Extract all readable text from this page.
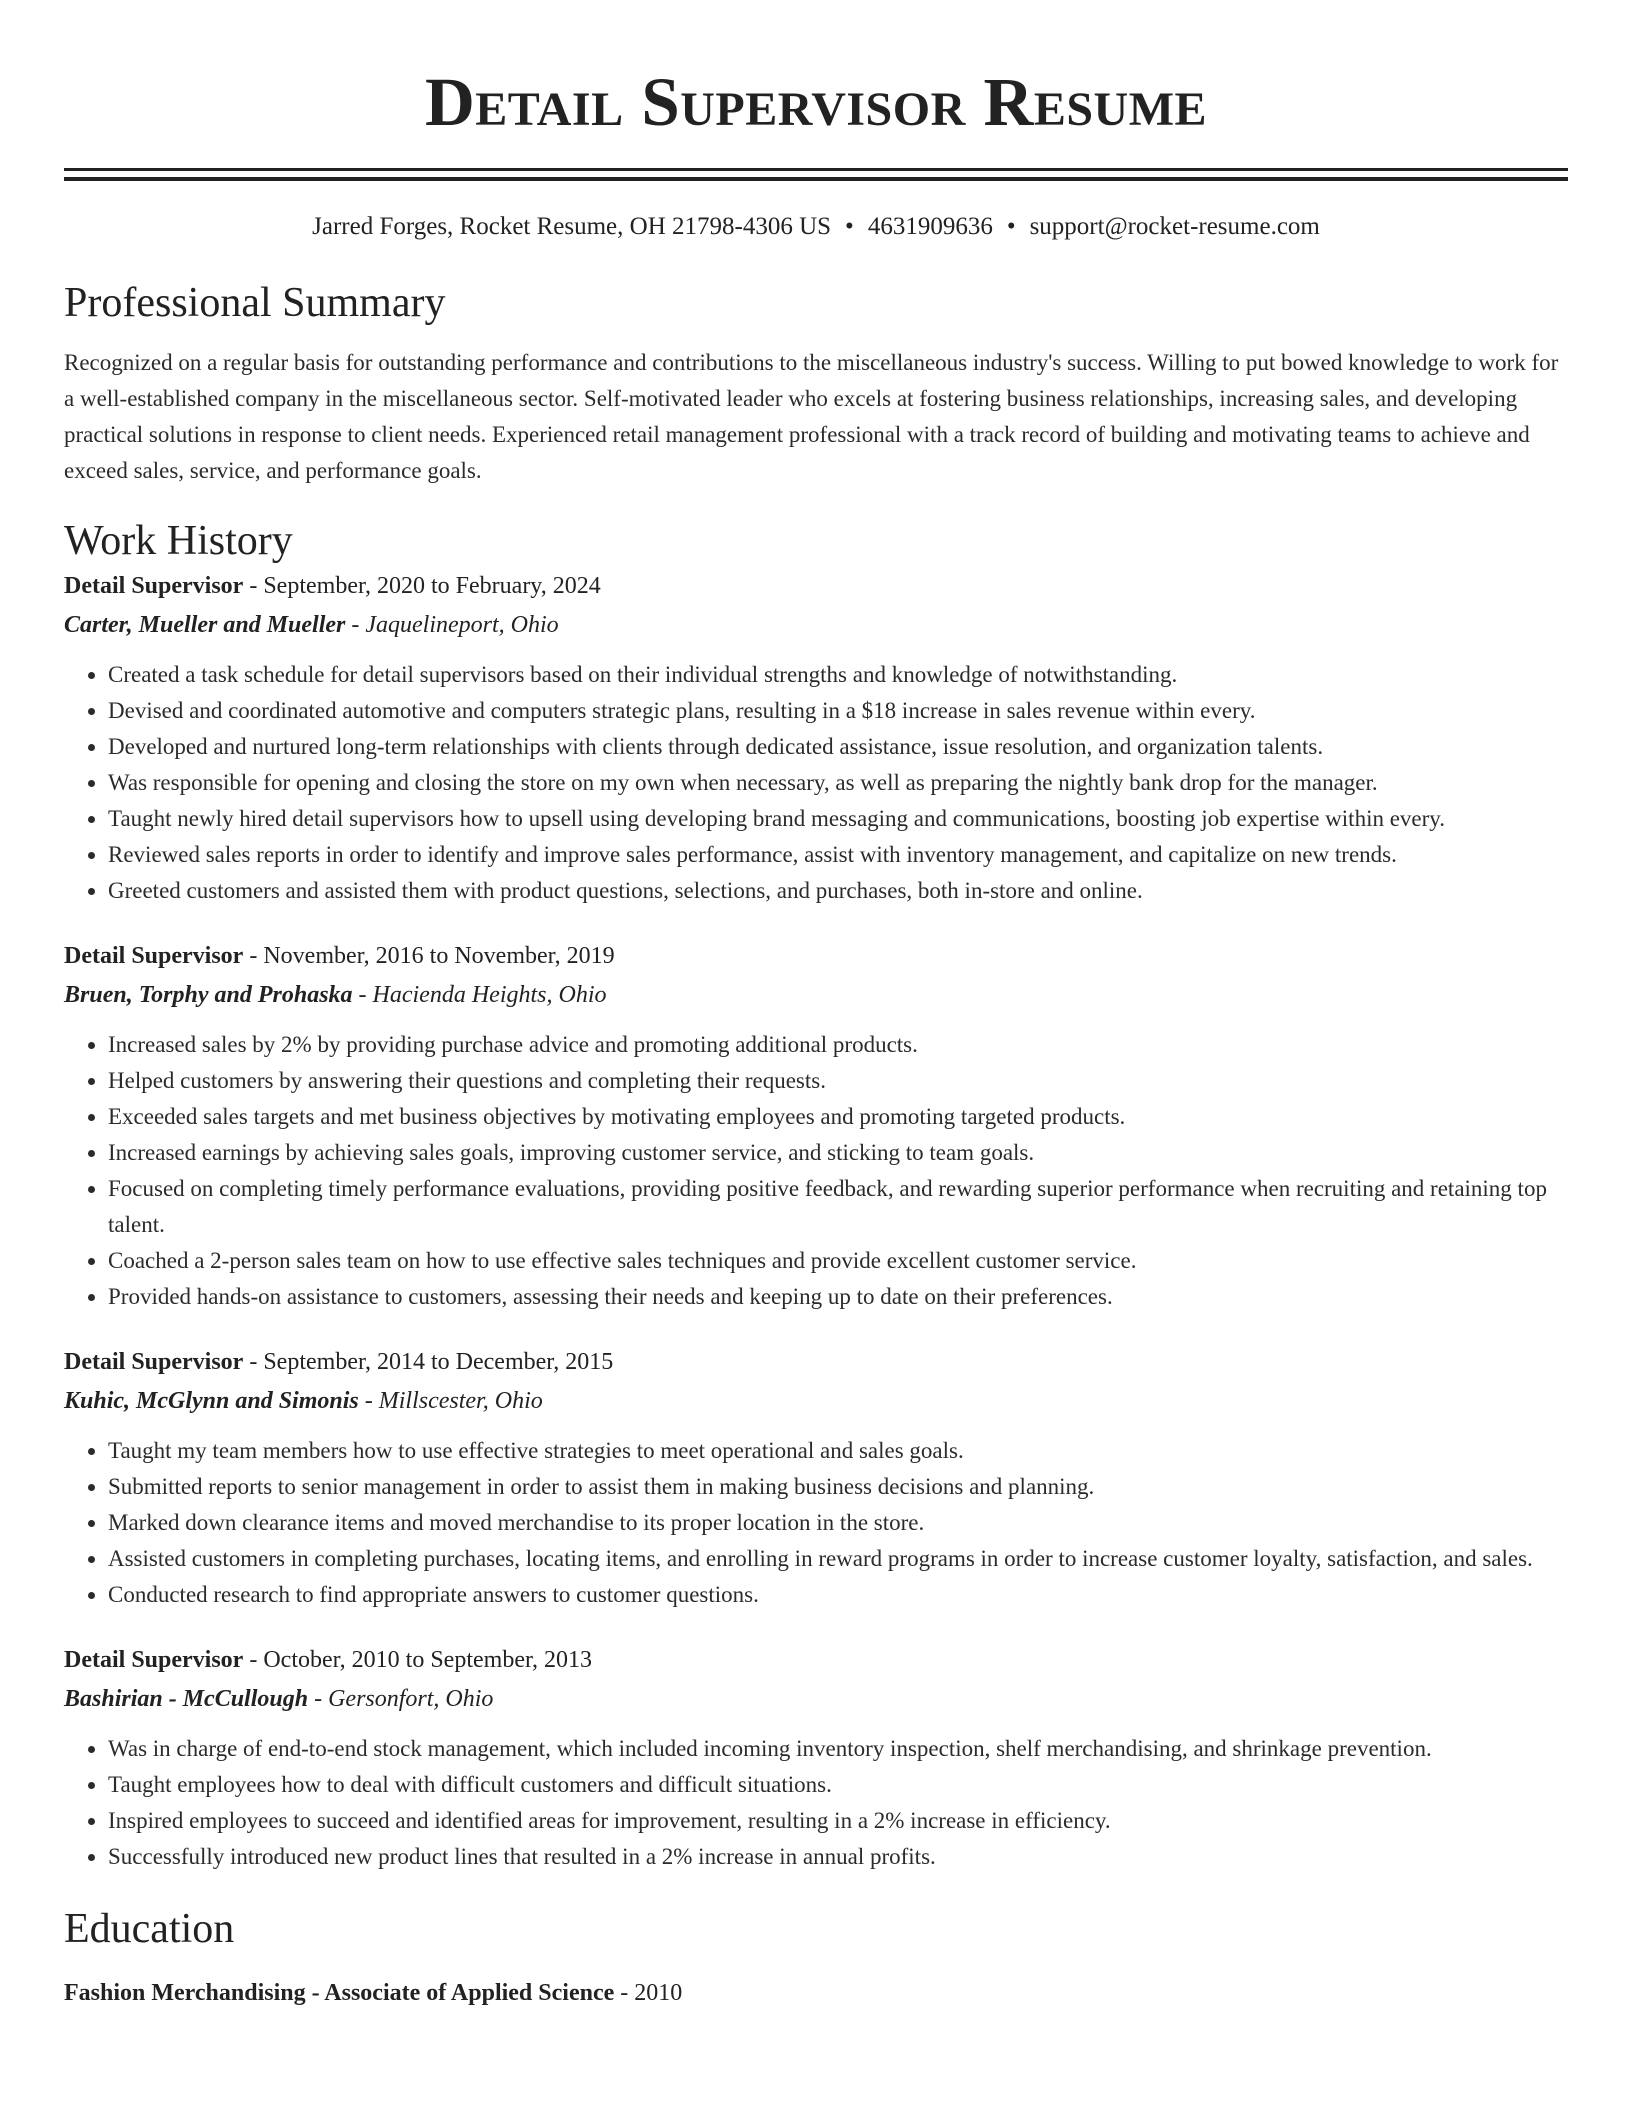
Detail Supervisor Resume
Jarred Forges, Rocket Resume, OH 21798-4306 US • 4631909636 • support@rocket-resume.com
Professional Summary
Recognized on a regular basis for outstanding performance and contributions to the miscellaneous industry's success. Willing to put bowed knowledge to work for a well-established company in the miscellaneous sector. Self-motivated leader who excels at fostering business relationships, increasing sales, and developing practical solutions in response to client needs. Experienced retail management professional with a track record of building and motivating teams to achieve and exceed sales, service, and performance goals.
Work History
Detail Supervisor - September, 2020 to February, 2024
Carter, Mueller and Mueller - Jaquelineport, Ohio
• Created a task schedule for detail supervisors based on their individual strengths and knowledge of notwithstanding.
• Devised and coordinated automotive and computers strategic plans, resulting in a $18 increase in sales revenue within every.
• Developed and nurtured long-term relationships with clients through dedicated assistance, issue resolution, and organization talents.
• Was responsible for opening and closing the store on my own when necessary, as well as preparing the nightly bank drop for the manager.
• Taught newly hired detail supervisors how to upsell using developing brand messaging and communications, boosting job expertise within every.
• Reviewed sales reports in order to identify and improve sales performance, assist with inventory management, and capitalize on new trends.
• Greeted customers and assisted them with product questions, selections, and purchases, both in-store and online.
Detail Supervisor - November, 2016 to November, 2019
Bruen, Torphy and Prohaska - Hacienda Heights, Ohio
• Increased sales by 2% by providing purchase advice and promoting additional products.
• Helped customers by answering their questions and completing their requests.
• Exceeded sales targets and met business objectives by motivating employees and promoting targeted products.
• Increased earnings by achieving sales goals, improving customer service, and sticking to team goals.
• Focused on completing timely performance evaluations, providing positive feedback, and rewarding superior performance when recruiting and retaining top talent.
• Coached a 2-person sales team on how to use effective sales techniques and provide excellent customer service.
• Provided hands-on assistance to customers, assessing their needs and keeping up to date on their preferences.
Detail Supervisor - September, 2014 to December, 2015
Kuhic, McGlynn and Simonis - Millscester, Ohio
• Taught my team members how to use effective strategies to meet operational and sales goals.
• Submitted reports to senior management in order to assist them in making business decisions and planning.
• Marked down clearance items and moved merchandise to its proper location in the store.
• Assisted customers in completing purchases, locating items, and enrolling in reward programs in order to increase customer loyalty, satisfaction, and sales.
• Conducted research to find appropriate answers to customer questions.
Detail Supervisor - October, 2010 to September, 2013
Bashirian - McCullough - Gersonfort, Ohio
• Was in charge of end-to-end stock management, which included incoming inventory inspection, shelf merchandising, and shrinkage prevention.
• Taught employees how to deal with difficult customers and difficult situations.
• Inspired employees to succeed and identified areas for improvement, resulting in a 2% increase in efficiency.
• Successfully introduced new product lines that resulted in a 2% increase in annual profits.
Education
Fashion Merchandising - Associate of Applied Science - 2010
